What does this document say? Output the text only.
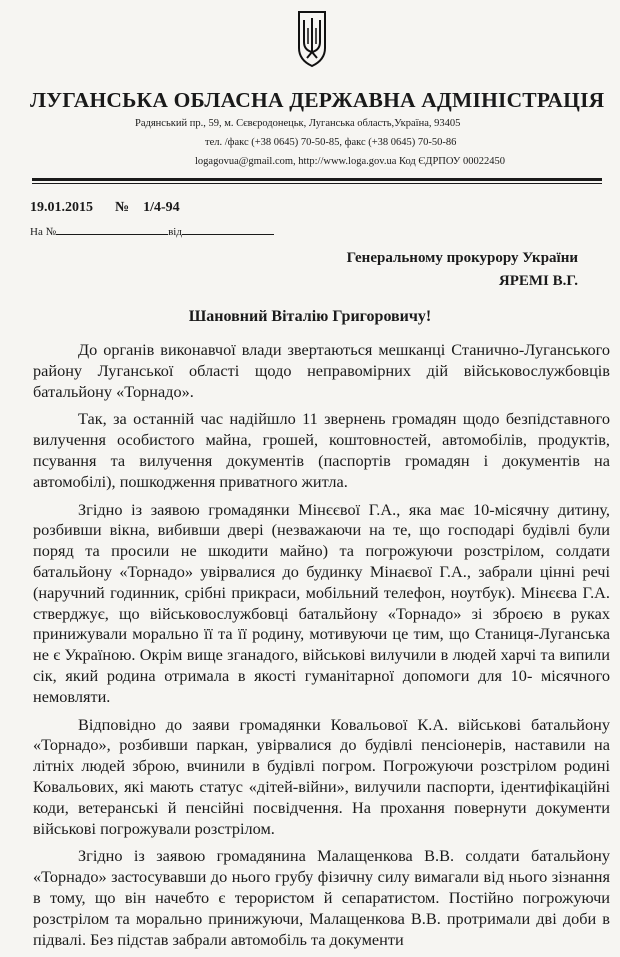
ЛУГАНСЬКА ОБЛАСНА ДЕРЖАВНА АДМІНІСТРАЦІЯ
Радянський пр., 59, м. Сєвєродонецьк, Луганська область,Україна, 93405
тел. /факс (+38 0645) 70-50-85, факс (+38 0645) 70-50-86
logagovua@gmail.com, http://www.loga.gov.ua Код ЄДРПОУ 00022450
19.01.2015 № 1/4-94
На №	від
Генеральному прокурору України
ЯРЕМІ В.Г.
Шановний Віталію Григоровичу!

До органів виконавчої влади звертаються мешканці Станично-Луганського району Луганської області щодо неправомірних дій військовослужбовців батальйону «Торнадо».

Так, за останній час надійшло 11 звернень громадян щодо безпідставного вилучення особистого майна, грошей, коштовностей, автомобілів, продуктів, псування та вилучення документів (паспортів громадян і документів на автомобілі), пошкодження приватного житла.

Згідно із заявою громадянки Мінєєвої Г.А., яка має 10-місячну дитину, розбивши вікна, вибивши двері (незважаючи на те, що господарі будівлі були поряд та просили не шкодити майно) та погрожуючи розстрілом, солдати батальйону «Торнадо» увірвалися до будинку Мінаєвої Г.А., забрали цінні речі (наручний годинник, срібні прикраси, мобільний телефон, ноутбук). Мінєєва Г.А. стверджує, що військовослужбовці батальйону «Торнадо» зі зброєю в руках принижували морально її та її родину, мотивуючи це тим, що Станиця-Луганська не є Україною. Окрім вище зганадого, військові вилучили в людей харчі та випили сік, який родина отримала в якості гуманітарної допомоги для 10- місячного немовляти.

Відповідно до заяви громадянки Ковальової К.А. військові батальйону «Торнадо», розбивши паркан, увірвалися до будівлі пенсіонерів, наставили на літніх людей зброю, вчинили в будівлі погром. Погрожуючи розстрілом родині Ковальових, які мають статус «дітей-війни», вилучили паспорти, ідентифікаційні коди, ветеранські й пенсійні посвідчення. На прохання повернути документи військові погрожували розстрілом.

Згідно із заявою громадянина Малащенкова В.В. солдати батальйону «Торнадо» застосувавши до нього грубу фізичну силу вимагали від нього зізнання в тому, що він начебто є терористом й сепаратистом. Постійно погрожуючи розстрілом та морально принижуючи, Малащенкова В.В. протримали дві доби в підвалі. Без підстав забрали автомобіль та документи
